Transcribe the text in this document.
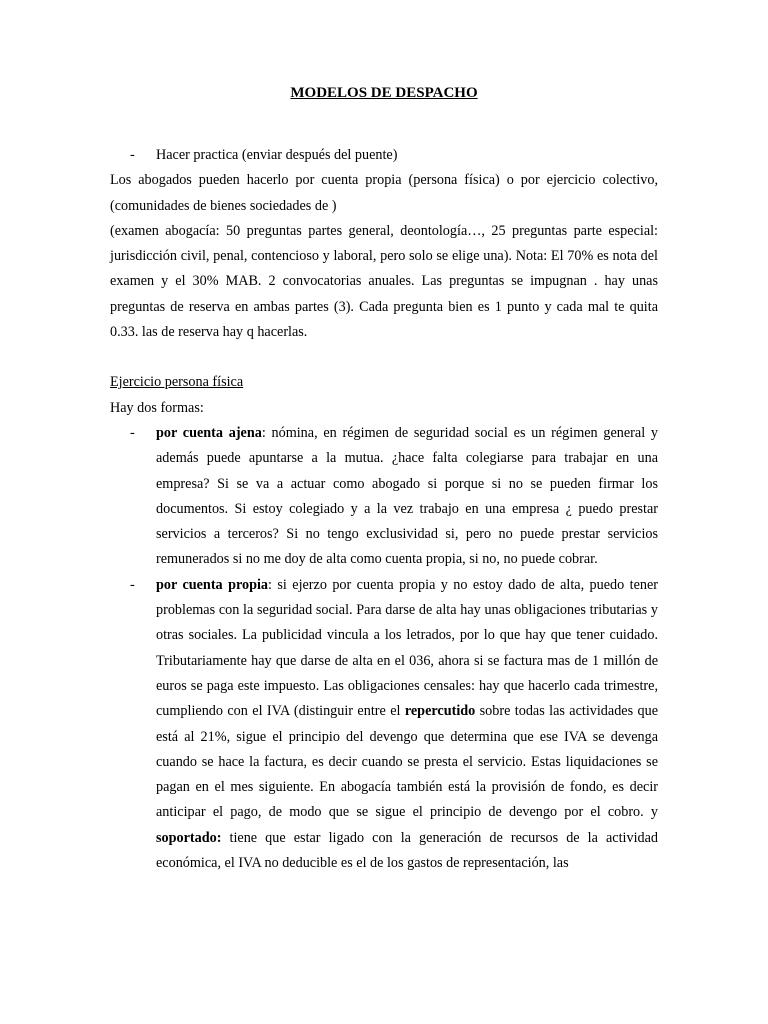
MODELOS DE DESPACHO

- Hacer practica (enviar después del puente)

Los abogados pueden hacerlo por cuenta propia (persona física) o por ejercicio colectivo, (comunidades de bienes sociedades de )

(examen abogacía: 50 preguntas partes general, deontología…, 25 preguntas parte especial: jurisdicción civil, penal, contencioso y laboral, pero solo se elige una). Nota: El 70% es nota del examen y el 30% MAB. 2 convocatorias anuales. Las preguntas se impugnan . hay unas preguntas de reserva en ambas partes (3). Cada pregunta bien es 1 punto y cada mal te quita 0.33. las de reserva hay q hacerlas.

Ejercicio persona física

Hay dos formas:

- por cuenta ajena: nómina, en régimen de seguridad social es un régimen general y además puede apuntarse a la mutua. ¿hace falta colegiarse para trabajar en una empresa? Si se va a actuar como abogado si porque si no se pueden firmar los documentos. Si estoy colegiado y a la vez trabajo en una empresa ¿ puedo prestar servicios a terceros? Si no tengo exclusividad si, pero no puede prestar servicios remunerados si no me doy de alta como cuenta propia, si no, no puede cobrar.

- por cuenta propia: si ejerzo por cuenta propia y no estoy dado de alta, puedo tener problemas con la seguridad social. Para darse de alta hay unas obligaciones tributarias y otras sociales. La publicidad vincula a los letrados, por lo que hay que tener cuidado. Tributariamente hay que darse de alta en el 036, ahora si se factura mas de 1 millón de euros se paga este impuesto. Las obligaciones censales: hay que hacerlo cada trimestre, cumpliendo con el IVA (distinguir entre el repercutido sobre todas las actividades que está al 21%, sigue el principio del devengo que determina que ese IVA se devenga cuando se hace la factura, es decir cuando se presta el servicio. Estas liquidaciones se pagan en el mes siguiente. En abogacía también está la provisión de fondo, es decir anticipar el pago, de modo que se sigue el principio de devengo por el cobro. y soportado: tiene que estar ligado con la generación de recursos de la actividad económica, el IVA no deducible es el de los gastos de representación, las
